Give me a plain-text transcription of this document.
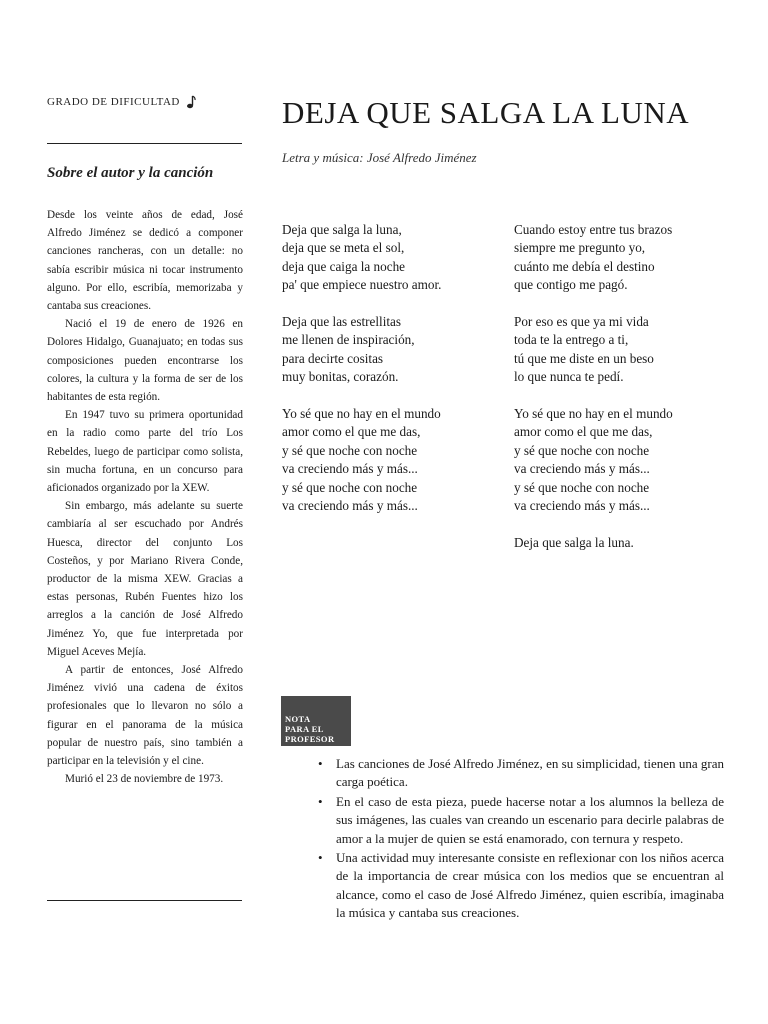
GRADO DE DIFICULTAD
Sobre el autor y la canción

Desde los veinte años de edad, José Alfredo Jiménez se dedicó a componer canciones rancheras, con un detalle: no sabía escribir música ni tocar instrumento alguno. Por ello, escribía, memorizaba y cantaba sus creaciones.

Nació el 19 de enero de 1926 en Dolores Hidalgo, Guanajuato; en todas sus composiciones pueden encontrarse los colores, la cultura y la forma de ser de los habitantes de esta región.

En 1947 tuvo su primera oportunidad en la radio como parte del trío Los Rebeldes, luego de participar como solista, sin mucha fortuna, en un concurso para aficionados organizado por la XEW.

Sin embargo, más adelante su suerte cambiaría al ser escuchado por Andrés Huesca, director del conjunto Los Costeños, y por Mariano Rivera Conde, productor de la misma XEW. Gracias a estas personas, Rubén Fuentes hizo los arreglos a la canción de José Alfredo Jiménez Yo, que fue interpretada por Miguel Aceves Mejía.

A partir de entonces, José Alfredo Jiménez vivió una cadena de éxitos profesionales que lo llevaron no sólo a figurar en el panorama de la música popular de nuestro país, sino también a participar en la televisión y el cine.

Murió el 23 de noviembre de 1973.

DEJA QUE SALGA LA LUNA
Letra y música: José Alfredo Jiménez
Deja que salga la luna,
deja que se meta el sol,
deja que caiga la noche
pa' que empiece nuestro amor.
Deja que las estrellitas
me llenen de inspiración,
para decirte cositas
muy bonitas, corazón.
Yo sé que no hay en el mundo
amor como el que me das,
y sé que noche con noche
va creciendo más y más...
y sé que noche con noche
va creciendo más y más...
Cuando estoy entre tus brazos
siempre me pregunto yo,
cuánto me debía el destino
que contigo me pagó.
Por eso es que ya mi vida
toda te la entrego a ti,
tú que me diste en un beso
lo que nunca te pedí.
Yo sé que no hay en el mundo
amor como el que me das,
y sé que noche con noche
va creciendo más y más...
y sé que noche con noche
va creciendo más y más...
Deja que salga la luna.
NOTA
PARA EL
PROFESOR
• Las canciones de José Alfredo Jiménez, en su simplicidad, tienen una gran carga poética.
• En el caso de esta pieza, puede hacerse notar a los alumnos la belleza de sus imágenes, las cuales van creando un escenario para decirle palabras de amor a la mujer de quien se está enamorado, con ternura y respeto.
• Una actividad muy interesante consiste en reflexionar con los niños acerca de la importancia de crear música con los medios que se encuentran al alcance, como el caso de José Alfredo Jiménez, quien escribía, imaginaba la música y cantaba sus creaciones.
